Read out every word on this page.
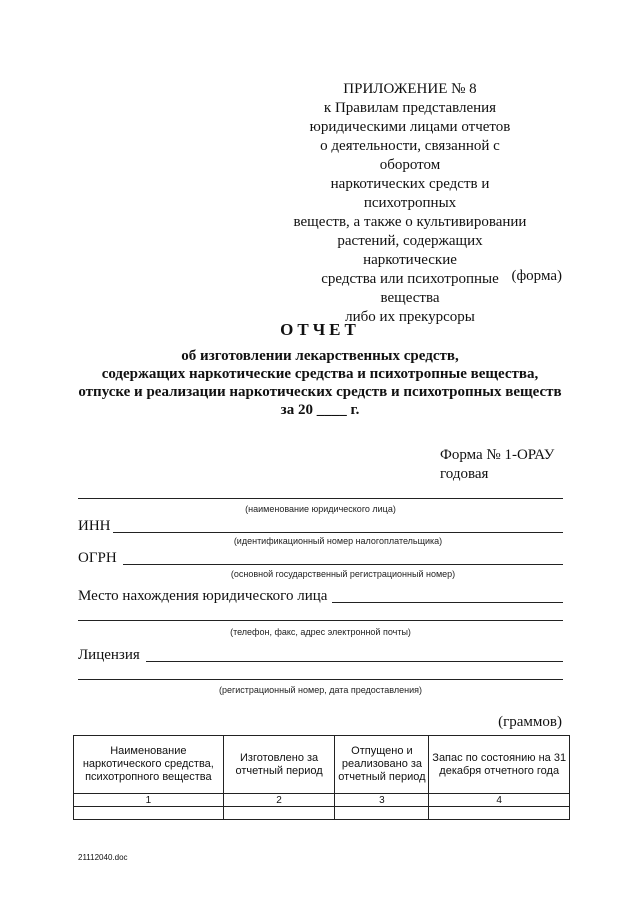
ПРИЛОЖЕНИЕ № 8
к Правилам представления
юридическими лицами отчетов
о деятельности, связанной с оборотом
наркотических средств и психотропных
веществ, а также о культивировании
растений, содержащих наркотические
средства или психотропные вещества
либо их прекурсоры
(форма)
ОТЧЕТ
об изготовлении лекарственных средств,
содержащих наркотические средства и психотропные вещества,
отпуске и реализации наркотических средств и психотропных веществ
за 20 ____ г.
Форма № 1-ОРАУ
годовая
(наименование юридического лица)
ИНН
(идентификационный номер налогоплательщика)
ОГРН
(основной государственный регистрационный номер)
Место нахождения юридического лица
(телефон, факс, адрес электронной почты)
Лицензия
(регистрационный номер, дата предоставления)
(граммов)
Наименование наркотического средства, психотропного вещества	Изготовлено за отчетный период	Отпущено и реализовано за отчетный период	Запас по состоянию на 31 декабря отчетного года
1	2	3	4

21112040.doc
